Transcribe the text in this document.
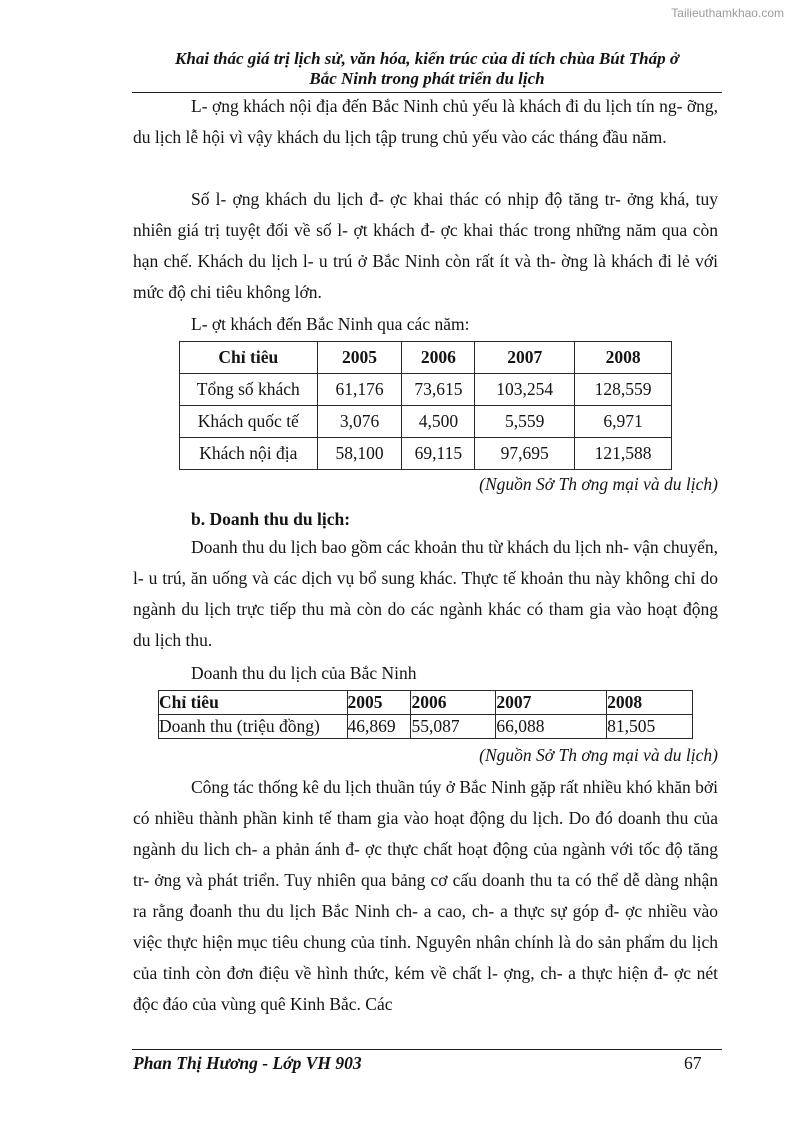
Tailieuthamkhao.com
Khai thác giá trị lịch sử, văn hóa, kiến trúc của di tích chùa Bút Tháp ở
Bắc Ninh trong phát triển du lịch

L- ợng khách nội địa đến Bắc Ninh chủ yếu là khách đi du lịch tín ng- ỡng, du lịch lễ hội vì vậy khách du lịch tập trung chủ yếu vào các tháng đầu năm.

Số l- ợng khách du lịch đ- ợc khai thác có nhịp độ tăng tr- ởng khá, tuy nhiên giá trị tuyệt đối về số l- ợt khách đ- ợc khai thác trong những năm qua còn hạn chế. Khách du lịch l- u trú ở Bắc Ninh còn rất ít và th- ờng là khách đi lẻ với mức độ chi tiêu không lớn.

L- ợt khách đến Bắc Ninh qua các năm:

Chỉ tiêu	2005	2006	2007	2008
Tổng số khách	61,176	73,615	103,254	128,559
Khách quốc tế	3,076	4,500	5,559	6,971
Khách nội địa	58,100	69,115	97,695	121,588

(Nguồn Sở Th ơng mại và du lịch)

b. Doanh thu du lịch:

Doanh thu du lịch bao gồm các khoản thu từ khách du lịch nh- vận chuyển, l- u trú, ăn uống và các dịch vụ bổ sung khác. Thực tế khoản thu này không chỉ do ngành du lịch trực tiếp thu mà còn do các ngành khác có tham gia vào hoạt động du lịch thu.

Doanh thu du lịch của Bắc Ninh

Chỉ tiêu	2005	2006	2007	2008
Doanh thu (triệu đồng)	46,869	55,087	66,088	81,505

(Nguồn Sở Th ơng mại và du lịch)

Công tác thống kê du lịch thuần túy ở Bắc Ninh gặp rất nhiều khó khăn bởi có nhiều thành phần kinh tế tham gia vào hoạt động du lịch. Do đó doanh thu của ngành du lich ch- a phản ánh đ- ợc thực chất hoạt động của ngành với tốc độ tăng tr- ởng và phát triển. Tuy nhiên qua bảng cơ cấu doanh thu ta có thể dễ dàng nhận ra rằng đoanh thu du lịch Bắc Ninh ch- a cao, ch- a thực sự góp đ- ợc nhiều vào việc thực hiện mục tiêu chung của tỉnh. Nguyên nhân chính là do sản phẩm du lịch của tỉnh còn đơn điệu về hình thức, kém về chất l- ợng, ch- a thực hiện đ- ợc nét độc đáo của vùng quê Kinh Bắc. Các

Phan Thị Hương - Lớp VH 903	67
